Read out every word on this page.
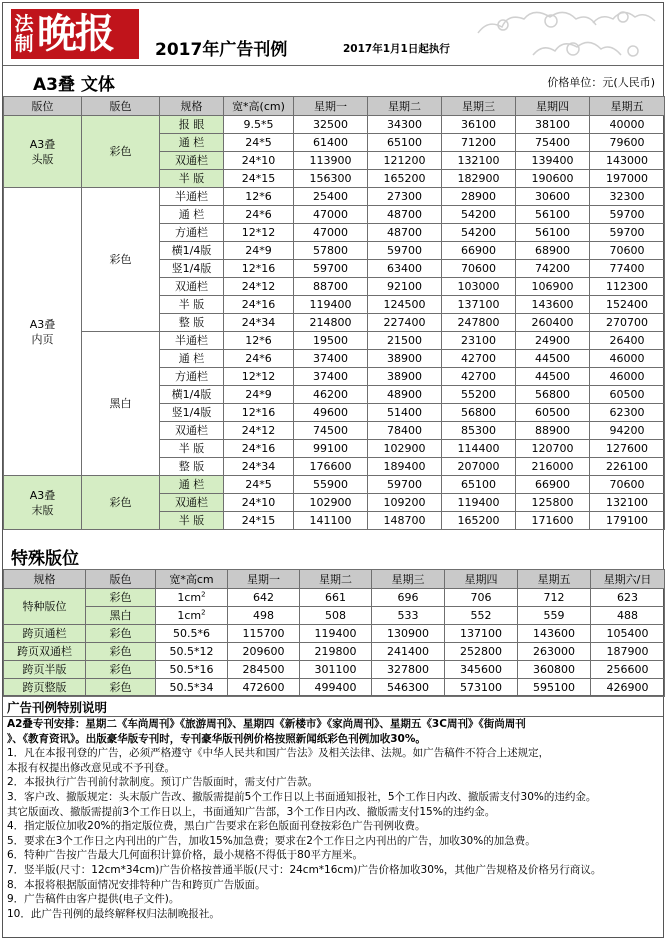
法
制 晚报 2017年广告刊例	2017年1月1日起执行
A3叠 文体	价格单位：元(人民币)
版位	版色	规格	宽*高(cm)	星期一	星期二	星期三	星期四	星期五

A3叠
头版	彩色	报 眼	9.5*5	32500	34300	36100	38100	40000
		通 栏	24*5	61400	65100	71200	75400	79600
		双通栏	24*10	113900	121200	132100	139400	143000
		半 版	24*15	156300	165200	182900	190600	197000

A3叠
内页	彩色	半通栏	12*6	25400	27300	28900	30600	32300
		通 栏	24*6	47000	48700	54200	56100	59700
		方通栏	12*12	47000	48700	54200	56100	59700
		横1/4版	24*9	57800	59700	66900	68900	70600
		竖1/4版	12*16	59700	63400	70600	74200	77400
		双通栏	24*12	88700	92100	103000	106900	112300
		半 版	24*16	119400	124500	137100	143600	152400
		整 版	24*34	214800	227400	247800	260400	270700
	黑白	半通栏	12*6	19500	21500	23100	24900	26400
		通 栏	24*6	37400	38900	42700	44500	46000
		方通栏	12*12	37400	38900	42700	44500	46000
		横1/4版	24*9	46200	48900	55200	56800	60500
		竖1/4版	12*16	49600	51400	56800	60500	62300
		双通栏	24*12	74500	78400	85300	88900	94200
		半 版	24*16	99100	102900	114400	120700	127600
		整 版	24*34	176600	189400	207000	216000	226100

A3叠
末版	彩色	通 栏	24*5	55900	59700	65100	66900	70600
		双通栏	24*10	102900	109200	119400	125800	132100
		半 版	24*15	141100	148700	165200	171600	179100
特殊版位
规格	版色	宽*高cm	星期一	星期二	星期三	星期四	星期五	星期六/日
特种版位	彩色	$1cm^2$	642	661	696	706	712	623
	黑白	$1cm^2$	498	508	533	552	559	488
跨页通栏	彩色	50.5*6	115700	119400	130900	137100	143600	105400
跨页双通栏	彩色	50.5*12	209600	219800	241400	252800	263000	187900
跨页半版	彩色	50.5*16	284500	301100	327800	345600	360800	256600
跨页整版	彩色	50.5*34	472600	499400	546300	573100	595100	426900
广告刊例特别说明
A2叠专刊安排：星期二《车尚周刊》《旅游周刊》、星期四《新楼市》《家尚周刊》、星期五《3C周刊》《街尚周刊
》、《教育资讯》。出版豪华版专刊时，专刊豪华版刊例价格按照新闻纸彩色刊例加收30%。
1．凡在本报刊登的广告，必须严格遵守《中华人民共和国广告法》及相关法律、法规。如广告稿件不符合上述规定，
本报有权提出修改意见或不予刊登。
2．本报执行广告刊前付款制度。预订广告版面时，需支付广告款。
3．客户改、撤版规定：头末版广告改、撤版需提前5个工作日以上书面通知报社，5个工作日内改、撤版需支付30%的违约金。
其它版面改、撤版需提前3个工作日以上，书面通知广告部，3个工作日内改、撤版需支付15%的违约金。
4．指定版位加收20%的指定版位费，黑白广告要求在彩色版面刊登按彩色广告刊例收费。
5．要求在3个工作日之内刊出的广告，加收15%加急费；要求在2个工作日之内刊出的广告，加收30%的加急费。
6．特种广告按广告最大几何面积计算价格，最小规格不得低于80平方厘米。
7．竖半版(尺寸：12cm*34cm)广告价格按普通半版(尺寸：24cm*16cm)广告价格加收30%，其他广告规格及价格另行商议。
8．本报将根据版面情况安排特种广告和跨页广告版面。
9．广告稿件由客户提供(电子文件)。
10．此广告刊例的最终解释权归法制晚报社。
